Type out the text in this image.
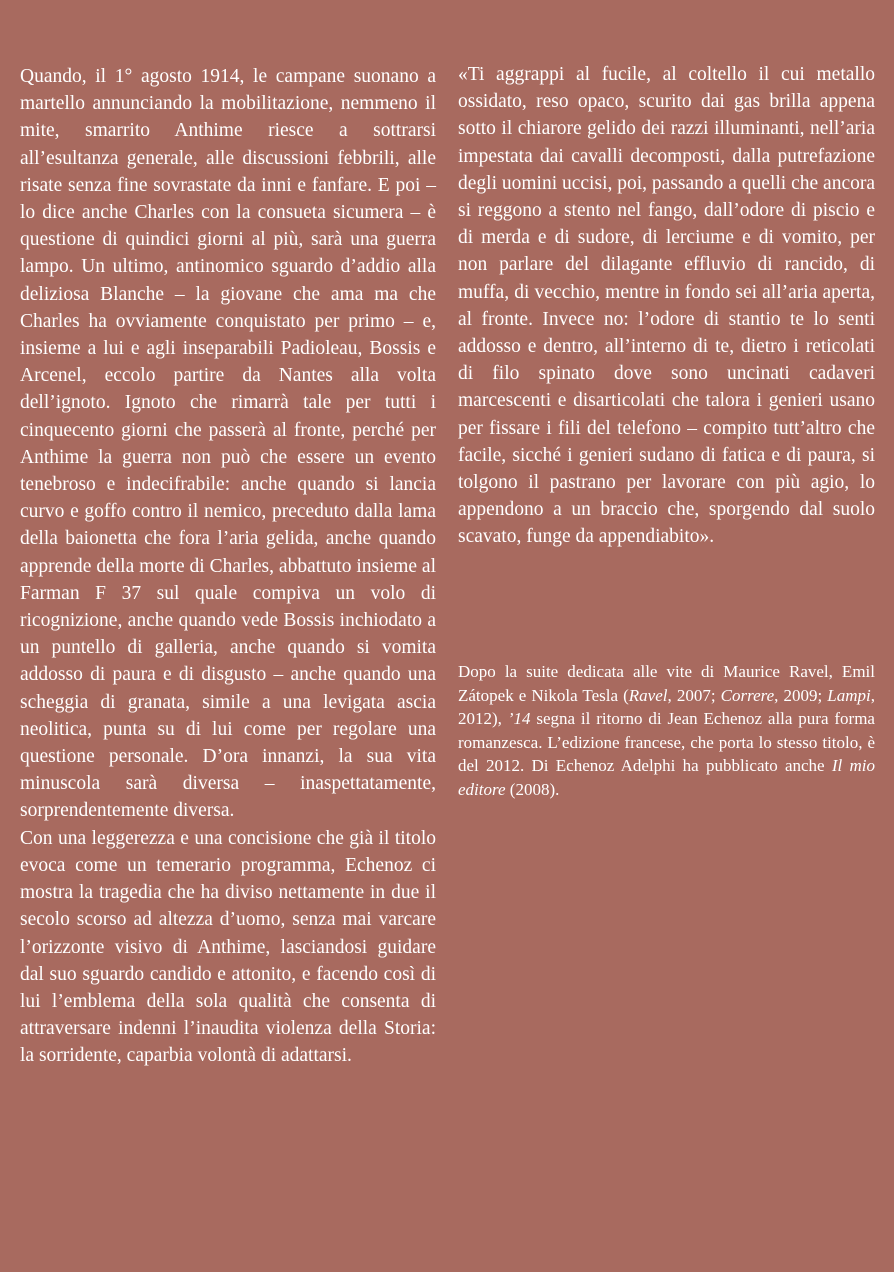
Quando, il 1° agosto 1914, le campane suonano a martello annunciando la mobilitazione, nemmeno il mite, smarrito Anthime riesce a sottrarsi all’esultanza generale, alle discussioni febbrili, alle risate senza fine sovrastate da inni e fanfare. E poi – lo dice anche Charles con la consueta sicumera – è questione di quindici giorni al più, sarà una guerra lampo. Un ultimo, antinomico sguardo d’addio alla deliziosa Blanche – la giovane che ama ma che Charles ha ovviamente conquistato per primo – e, insieme a lui e agli inseparabili Padioleau, Bossis e Arcenel, eccolo partire da Nantes alla volta dell’ignoto. Ignoto che rimarrà tale per tutti i cinquecento giorni che passerà al fronte, perché per Anthime la guerra non può che essere un evento tenebroso e indecifrabile: anche quando si lancia curvo e goffo contro il nemico, preceduto dalla lama della baionetta che fora l’aria gelida, anche quando apprende della morte di Charles, abbattuto insieme al Farman F 37 sul quale compiva un volo di ricognizione, anche quando vede Bossis inchiodato a un puntello di galleria, anche quando si vomita addosso di paura e di disgusto – anche quando una scheggia di granata, simile a una levigata ascia neolitica, punta su di lui come per regolare una questione personale. D’ora innanzi, la sua vita minuscola sarà diversa – inaspettatamente, sorprendentemente diversa.

Con una leggerezza e una concisione che già il titolo evoca come un temerario programma, Echenoz ci mostra la tragedia che ha diviso nettamente in due il secolo scorso ad altezza d’uomo, senza mai varcare l’orizzonte visivo di Anthime, lasciandosi guidare dal suo sguardo candido e attonito, e facendo così di lui l’emblema della sola qualità che consenta di attraversare indenni l’inaudita violenza della Storia: la sorridente, caparbia volontà di adattarsi.

«Ti aggrappi al fucile, al coltello il cui metallo ossidato, reso opaco, scurito dai gas brilla appena sotto il chiarore gelido dei razzi illuminanti, nell’aria impestata dai cavalli decomposti, dalla putrefazione degli uomini uccisi, poi, passando a quelli che ancora si reggono a stento nel fango, dall’odore di piscio e di merda e di sudore, di lerciume e di vomito, per non parlare del dilagante effluvio di rancido, di muffa, di vecchio, mentre in fondo sei all’aria aperta, al fronte. Invece no: l’odore di stantio te lo senti addosso e dentro, all’interno di te, dietro i reticolati di filo spinato dove sono uncinati cadaveri marcescenti e disarticolati che talora i genieri usano per fissare i fili del telefono – compito tutt’altro che facile, sicché i genieri sudano di fatica e di paura, si tolgono il pastrano per lavorare con più agio, lo appendono a un braccio che, sporgendo dal suolo scavato, funge da appendiabito».

Dopo la suite dedicata alle vite di Maurice Ravel, Emil Zátopek e Nikola Tesla (Ravel, 2007; Correre, 2009; Lampi, 2012), ’14 segna il ritorno di Jean Echenoz alla pura forma romanzesca. L’edizione francese, che porta lo stesso titolo, è del 2012. Di Echenoz Adelphi ha pubblicato anche Il mio editore (2008).
